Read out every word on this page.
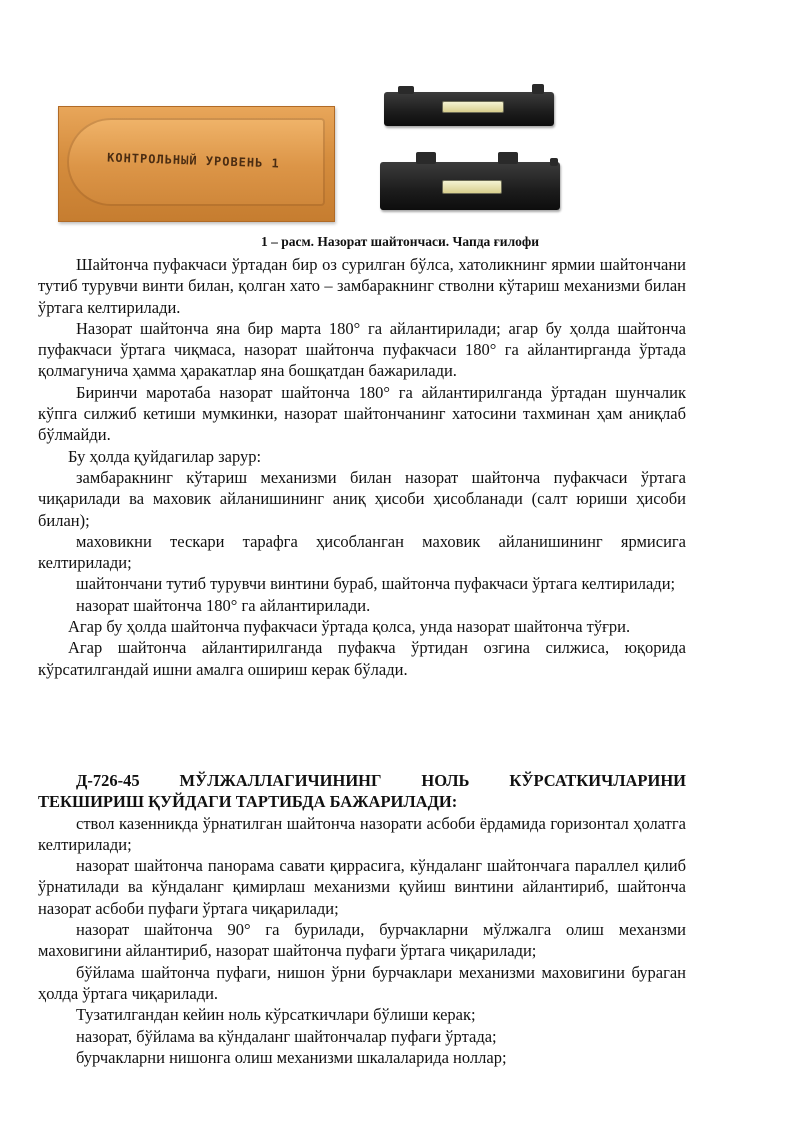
КОНТРОЛЬНЫЙ УРОВЕНЬ 1
1 – расм. Назорат шайтончаси. Чапда ғилофи

Шайтонча пуфакчаси ўртадан бир оз сурилган бўлса, хатоликнинг ярмии шайтончани тутиб турувчи винти билан, қолган хато – замбаракнинг стволни кўтариш механизми билан ўртага келтирилади.

Назорат шайтонча яна бир марта 180° га айлантирилади; агар бу ҳолда шайтонча пуфакчаси ўртага чиқмаса, назорат шайтонча пуфакчаси 180° га айлантирганда ўртада қолмагунича ҳамма ҳаракатлар яна бошқатдан бажарилади.

Биринчи маротаба назорат шайтонча 180° га айлантирилганда ўртадан шунчалик кўпга силжиб кетиши мумкинки, назорат шайтончанинг хатосини тахминан ҳам аниқлаб бўлмайди.

Бу ҳолда қуйдагилар зарур:

замбаракнинг кўтариш механизми билан назорат шайтонча пуфакчаси ўртага чиқарилади ва маховик айланишининг аниқ ҳисоби ҳисобланади (салт юриши ҳисоби билан);

маховикни тескари тарафга ҳисобланган маховик айланишининг ярмисига келтирилади;

шайтончани тутиб турувчи винтини бураб, шайтонча пуфакчаси ўртага келтирилади;

назорат шайтонча 180° га айлантирилади.

Агар бу ҳолда шайтонча пуфакчаси ўртада қолса, унда назорат шайтонча тўғри.

Агар шайтонча айлантирилганда пуфакча ўртидан озгина силжиса, юқорида кўрсатилгандай ишни амалга ошириш керак бўлади.

Д-726-45 МЎЛЖАЛЛАГИЧИНИНГ НОЛЬ КЎРСАТКИЧЛАРИНИ ТЕКШИРИШ ҚУЙДАГИ ТАРТИБДА БАЖАРИЛАДИ:

ствол казенникда ўрнатилган шайтонча назорати асбоби ёрдамида горизонтал ҳолатга келтирилади;

назорат шайтонча панорама савати қиррасига, кўндаланг шайтончага параллел қилиб ўрнатилади ва кўндаланг қимирлаш механизми қуйиш винтини айлантириб, шайтонча назорат асбоби пуфаги ўртага чиқарилади;

назорат шайтонча 90° га бурилади, бурчакларни мўлжалга олиш механзми маховигини айлантириб, назорат шайтонча пуфаги ўртага чиқарилади;

бўйлама шайтонча пуфаги, нишон ўрни бурчаклари механизми маховигини бураган ҳолда ўртага чиқарилади.

Тузатилгандан кейин ноль кўрсаткичлари бўлиши керак;

назорат, бўйлама ва кўндаланг шайтончалар пуфаги ўртада;

бурчакларни нишонга олиш механизми шкалаларида ноллар;
